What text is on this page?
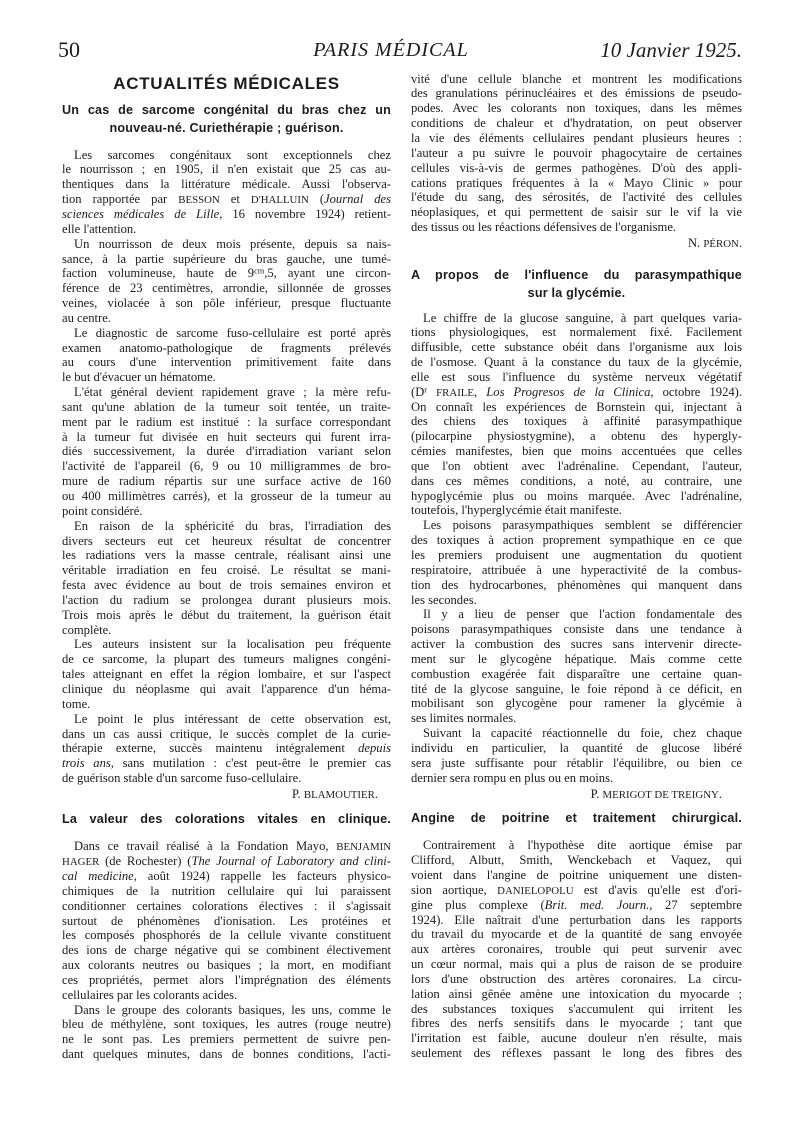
50	PARIS MÉDICAL	10 Janvier 1925.
ACTUALITÉS MÉDICALES
Un cas de sarcome congénital du bras chez un
nouveau-né. Curiethérapie ; guérison.
Les sarcomes congénitaux sont exceptionnels chez
le nourrisson ; en 1905, il n'en existait que 25 cas au-
thentiques dans la littérature médicale. Aussi l'observa-
tion rapportée par BESSON et D'HALLUIN (Journal des
sciences médicales de Lille, 16 novembre 1924) retient-
elle l'attention.
Un nourrisson de deux mois présente, depuis sa nais-
sance, à la partie supérieure du bras gauche, une tumé-
faction volumineuse, haute de $9^{cm},5$, ayant une circon-
férence de 23 centimètres, arrondie, sillonnée de grosses
veines, violacée à son pôle inférieur, presque fluctuante
au centre.
Le diagnostic de sarcome fuso-cellulaire est porté après
examen anatomo-pathologique de fragments prélevés
au cours d'une intervention primitivement faite dans
le but d'évacuer un hématome.
L'état général devient rapidement grave ; la mère refu-
sant qu'une ablation de la tumeur soit tentée, un traite-
ment par le radium est institué : la surface correspondant
à la tumeur fut divisée en huit secteurs qui furent irra-
diés successivement, la durée d'irradiation variant selon
l'activité de l'appareil (6, 9 ou 10 milligrammes de bro-
mure de radium répartis sur une surface active de 160
ou 400 millimètres carrés), et la grosseur de la tumeur au
point considéré.
En raison de la sphéricité du bras, l'irradiation des
divers secteurs eut cet heureux résultat de concentrer
les radiations vers la masse centrale, réalisant ainsi une
véritable irradiation en feu croisé. Le résultat se mani-
festa avec évidence au bout de trois semaines environ et
l'action du radium se prolongea durant plusieurs mois.
Trois mois après le début du traitement, la guérison était
complète.
Les auteurs insistent sur la localisation peu fréquente
de ce sarcome, la plupart des tumeurs malignes congéni-
tales atteignant en effet la région lombaire, et sur l'aspect
clinique du néoplasme qui avait l'apparence d'un héma-
tome.
Le point le plus intéressant de cette observation est,
dans un cas aussi critique, le succès complet de la curie-
thérapie externe, succès maintenu intégralement depuis
trois ans, sans mutilation : c'est peut-être le premier cas
de guérison stable d'un sarcome fuso-cellulaire.
P. BLAMOUTIER.
La valeur des colorations vitales en clinique.
Dans ce travail réalisé à la Fondation Mayo, BENJAMIN
HAGER (de Rochester) (The Journal of Laboratory and clini-
cal medicine, août 1924) rappelle les facteurs physico-
chimiques de la nutrition cellulaire qui lui paraissent
conditionner certaines colorations électives : il s'agissait
surtout de phénomènes d'ionisation. Les protéines et
les composés phosphorés de la cellule vivante constituent
des ions de charge négative qui se combinent électivement
aux colorants neutres ou basiques ; la mort, en modifiant
ces propriétés, permet alors l'imprégnation des éléments
cellulaires par les colorants acides.
Dans le groupe des colorants basiques, les uns, comme le
bleu de méthylène, sont toxiques, les autres (rouge neutre)
ne le sont pas. Les premiers permettent de suivre pen-
dant quelques minutes, dans de bonnes conditions, l'acti-
vité d'une cellule blanche et montrent les modifications
des granulations périnucléaires et des émissions de pseudo-
podes. Avec les colorants non toxiques, dans les mêmes
conditions de chaleur et d'hydratation, on peut observer
la vie des éléments cellulaires pendant plusieurs heures :
l'auteur a pu suivre le pouvoir phagocytaire de certaines
cellules vis-à-vis de germes pathogènes. D'où des appli-
cations pratiques fréquentes à la « Mayo Clinic » pour
l'étude du sang, des sérosités, de l'activité des cellules
néoplasiques, et qui permettent de saisir sur le vif la vie
des tissus ou les réactions défensives de l'organisme.
N. PÉRON.
A propos de l'influence du parasympathique
sur la glycémie.
Le chiffre de la glucose sanguine, à part quelques varia-
tions physiologiques, est normalement fixé. Facilement
diffusible, cette substance obéit dans l'organisme aux lois
de l'osmose. Quant à la constance du taux de la glycémie,
elle est sous l'influence du système nerveux végétatif
($D^r$ FRAILE, Los Progresos de la Clinica, octobre 1924).
On connaît les expériences de Bornstein qui, injectant à
des chiens des toxiques à affinité parasympathique
(pilocarpine physiostygmine), a obtenu des hypergly-
cémies manifestes, bien que moins accentuées que celles
que l'on obtient avec l'adrénaline. Cependant, l'auteur,
dans ces mêmes conditions, a noté, au contraire, une
hypoglycémie plus ou moins marquée. Avec l'adrénaline,
toutefois, l'hyperglycémie était manifeste.
Les poisons parasympathiques semblent se différencier
des toxiques à action proprement sympathique en ce que
les premiers produisent une augmentation du quotient
respiratoire, attribuée à une hyperactivité de la combus-
tion des hydrocarbones, phénomènes qui manquent dans
les secondes.
Il y a lieu de penser que l'action fondamentale des
poisons parasympathiques consiste dans une tendance à
activer la combustion des sucres sans intervenir directe-
ment sur le glycogène hépatique. Mais comme cette
combustion exagérée fait disparaître une certaine quan-
tité de la glycose sanguine, le foie répond à ce déficit, en
mobilisant son glycogène pour ramener la glycémie à
ses limites normales.
Suivant la capacité réactionnelle du foie, chez chaque
individu en particulier, la quantité de glucose libéré
sera juste suffisante pour rétablir l'équilibre, ou bien ce
dernier sera rompu en plus ou en moins.
P. MERIGOT DE TREIGNY.
Angine de poitrine et traitement chirurgical.
Contrairement à l'hypothèse dite aortique émise par
Clifford, Albutt, Smith, Wenckebach et Vaquez, qui
voient dans l'angine de poitrine uniquement une disten-
sion aortique, DANIELOPOLU est d'avis qu'elle est d'ori-
gine plus complexe (Brit. med. Journ., 27 septembre
1924). Elle naîtrait d'une perturbation dans les rapports
du travail du myocarde et de la quantité de sang envoyée
aux artères coronaires, trouble qui peut survenir avec
un cœur normal, mais qui a plus de raison de se produire
lors d'une obstruction des artères coronaires. La circu-
lation ainsi gênée amène une intoxication du myocarde ;
des substances toxiques s'accumulent qui irritent les
fibres des nerfs sensitifs dans le myocarde ; tant que
l'irritation est faible, aucune douleur n'en résulte, mais
seulement des réflexes passant le long des fibres des
